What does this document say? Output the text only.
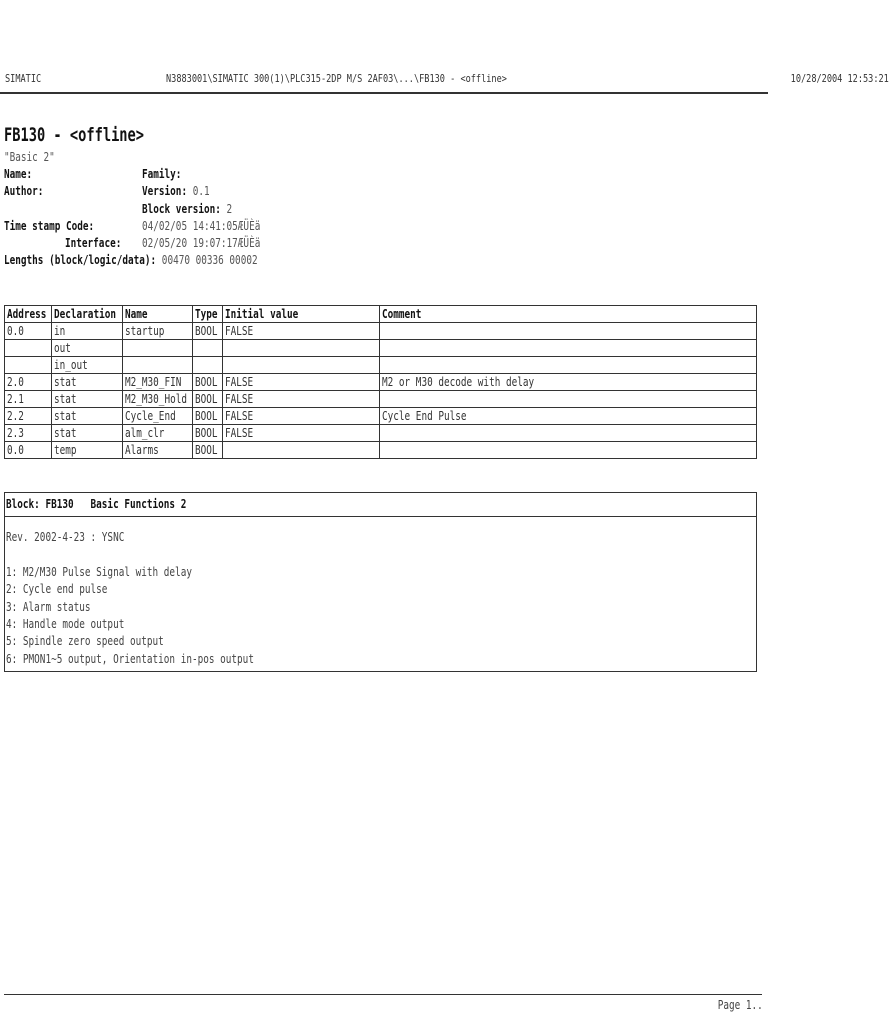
SIMATIC	N3883001\SIMATIC 300(1)\PLC315-2DP M/S 2AF03\...\FB130 - <offline>	10/28/2004 12:53:21
FB130 - <offline>
"Basic 2"
Name:	Family:
Author:	Version: 0.1
Block version: 2
Time stamp Code:	04/02/05 14:41:05ÆÜÈä
Interface:	02/05/20 19:07:17ÆÜÈä
Lengths (block/logic/data): 00470 00336 00002
Address	Declaration	Name	Type	Initial value	Comment
0.0	in	startup	BOOL	FALSE	
	out				
	in_out				
2.0	stat	M2_M30_FIN	BOOL	FALSE	M2 or M30 decode with delay
2.1	stat	M2_M30_Hold	BOOL	FALSE	
2.2	stat	Cycle_End	BOOL	FALSE	Cycle End Pulse
2.3	stat	alm_clr	BOOL	FALSE	
0.0	temp	Alarms	BOOL		
Block: FB130   Basic Functions 2
Rev. 2002-4-23 : YSNC
1: M2/M30 Pulse Signal with delay
2: Cycle end pulse
3: Alarm status
4: Handle mode output
5: Spindle zero speed output
6: PMON1~5 output, Orientation in-pos output
Page 1..
